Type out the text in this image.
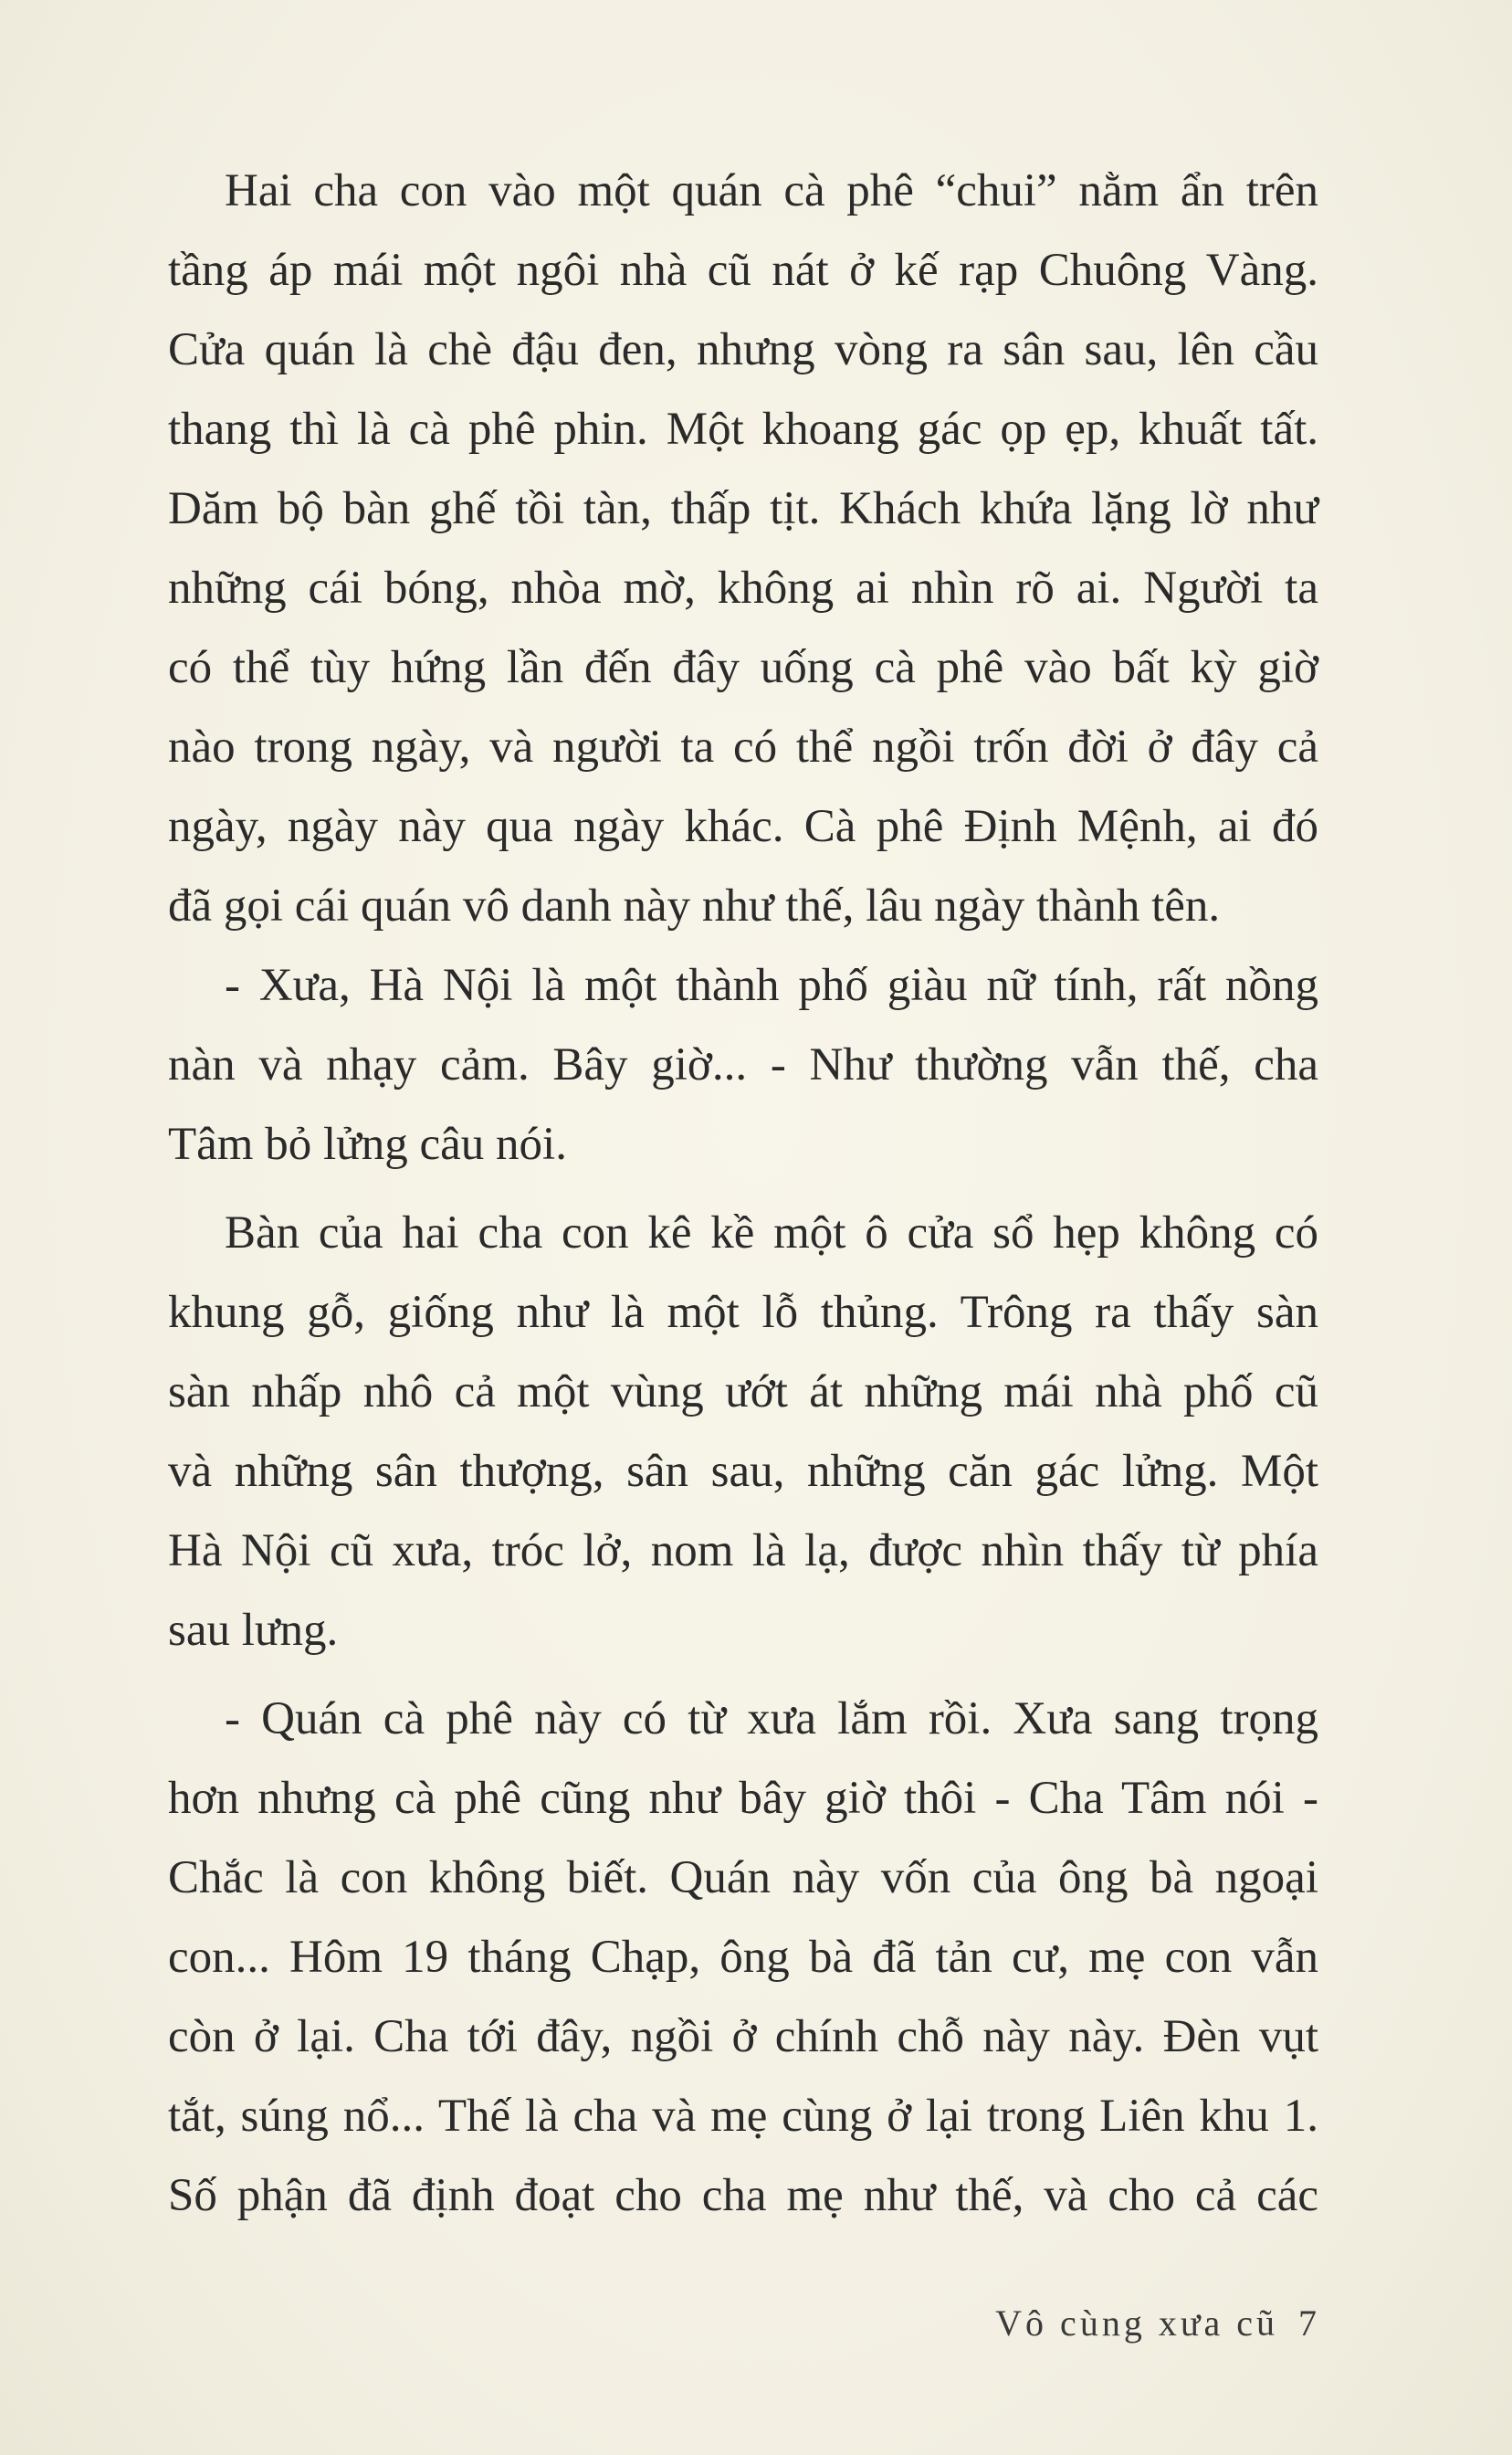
Hai cha con vào một quán cà phê “chui” nằm ẩn trên
tầng áp mái một ngôi nhà cũ nát ở kế rạp Chuông Vàng.
Cửa quán là chè đậu đen, nhưng vòng ra sân sau, lên cầu
thang thì là cà phê phin. Một khoang gác ọp ẹp, khuất tất.
Dăm bộ bàn ghế tồi tàn, thấp tịt. Khách khứa lặng lờ như
những cái bóng, nhòa mờ, không ai nhìn rõ ai. Người ta
có thể tùy hứng lần đến đây uống cà phê vào bất kỳ giờ
nào trong ngày, và người ta có thể ngồi trốn đời ở đây cả
ngày, ngày này qua ngày khác. Cà phê Định Mệnh, ai đó
đã gọi cái quán vô danh này như thế, lâu ngày thành tên.
- Xưa, Hà Nội là một thành phố giàu nữ tính, rất nồng
nàn và nhạy cảm. Bây giờ... - Như thường vẫn thế, cha
Tâm bỏ lửng câu nói.
Bàn của hai cha con kê kề một ô cửa sổ hẹp không có
khung gỗ, giống như là một lỗ thủng. Trông ra thấy sàn
sàn nhấp nhô cả một vùng ướt át những mái nhà phố cũ
và những sân thượng, sân sau, những căn gác lửng. Một
Hà Nội cũ xưa, tróc lở, nom là lạ, được nhìn thấy từ phía
sau lưng.
- Quán cà phê này có từ xưa lắm rồi. Xưa sang trọng
hơn nhưng cà phê cũng như bây giờ thôi - Cha Tâm nói -
Chắc là con không biết. Quán này vốn của ông bà ngoại
con... Hôm 19 tháng Chạp, ông bà đã tản cư, mẹ con vẫn
còn ở lại. Cha tới đây, ngồi ở chính chỗ này này. Đèn vụt
tắt, súng nổ... Thế là cha và mẹ cùng ở lại trong Liên khu 1.
Số phận đã định đoạt cho cha mẹ như thế, và cho cả các
Vô cùng xưa cũ 7
